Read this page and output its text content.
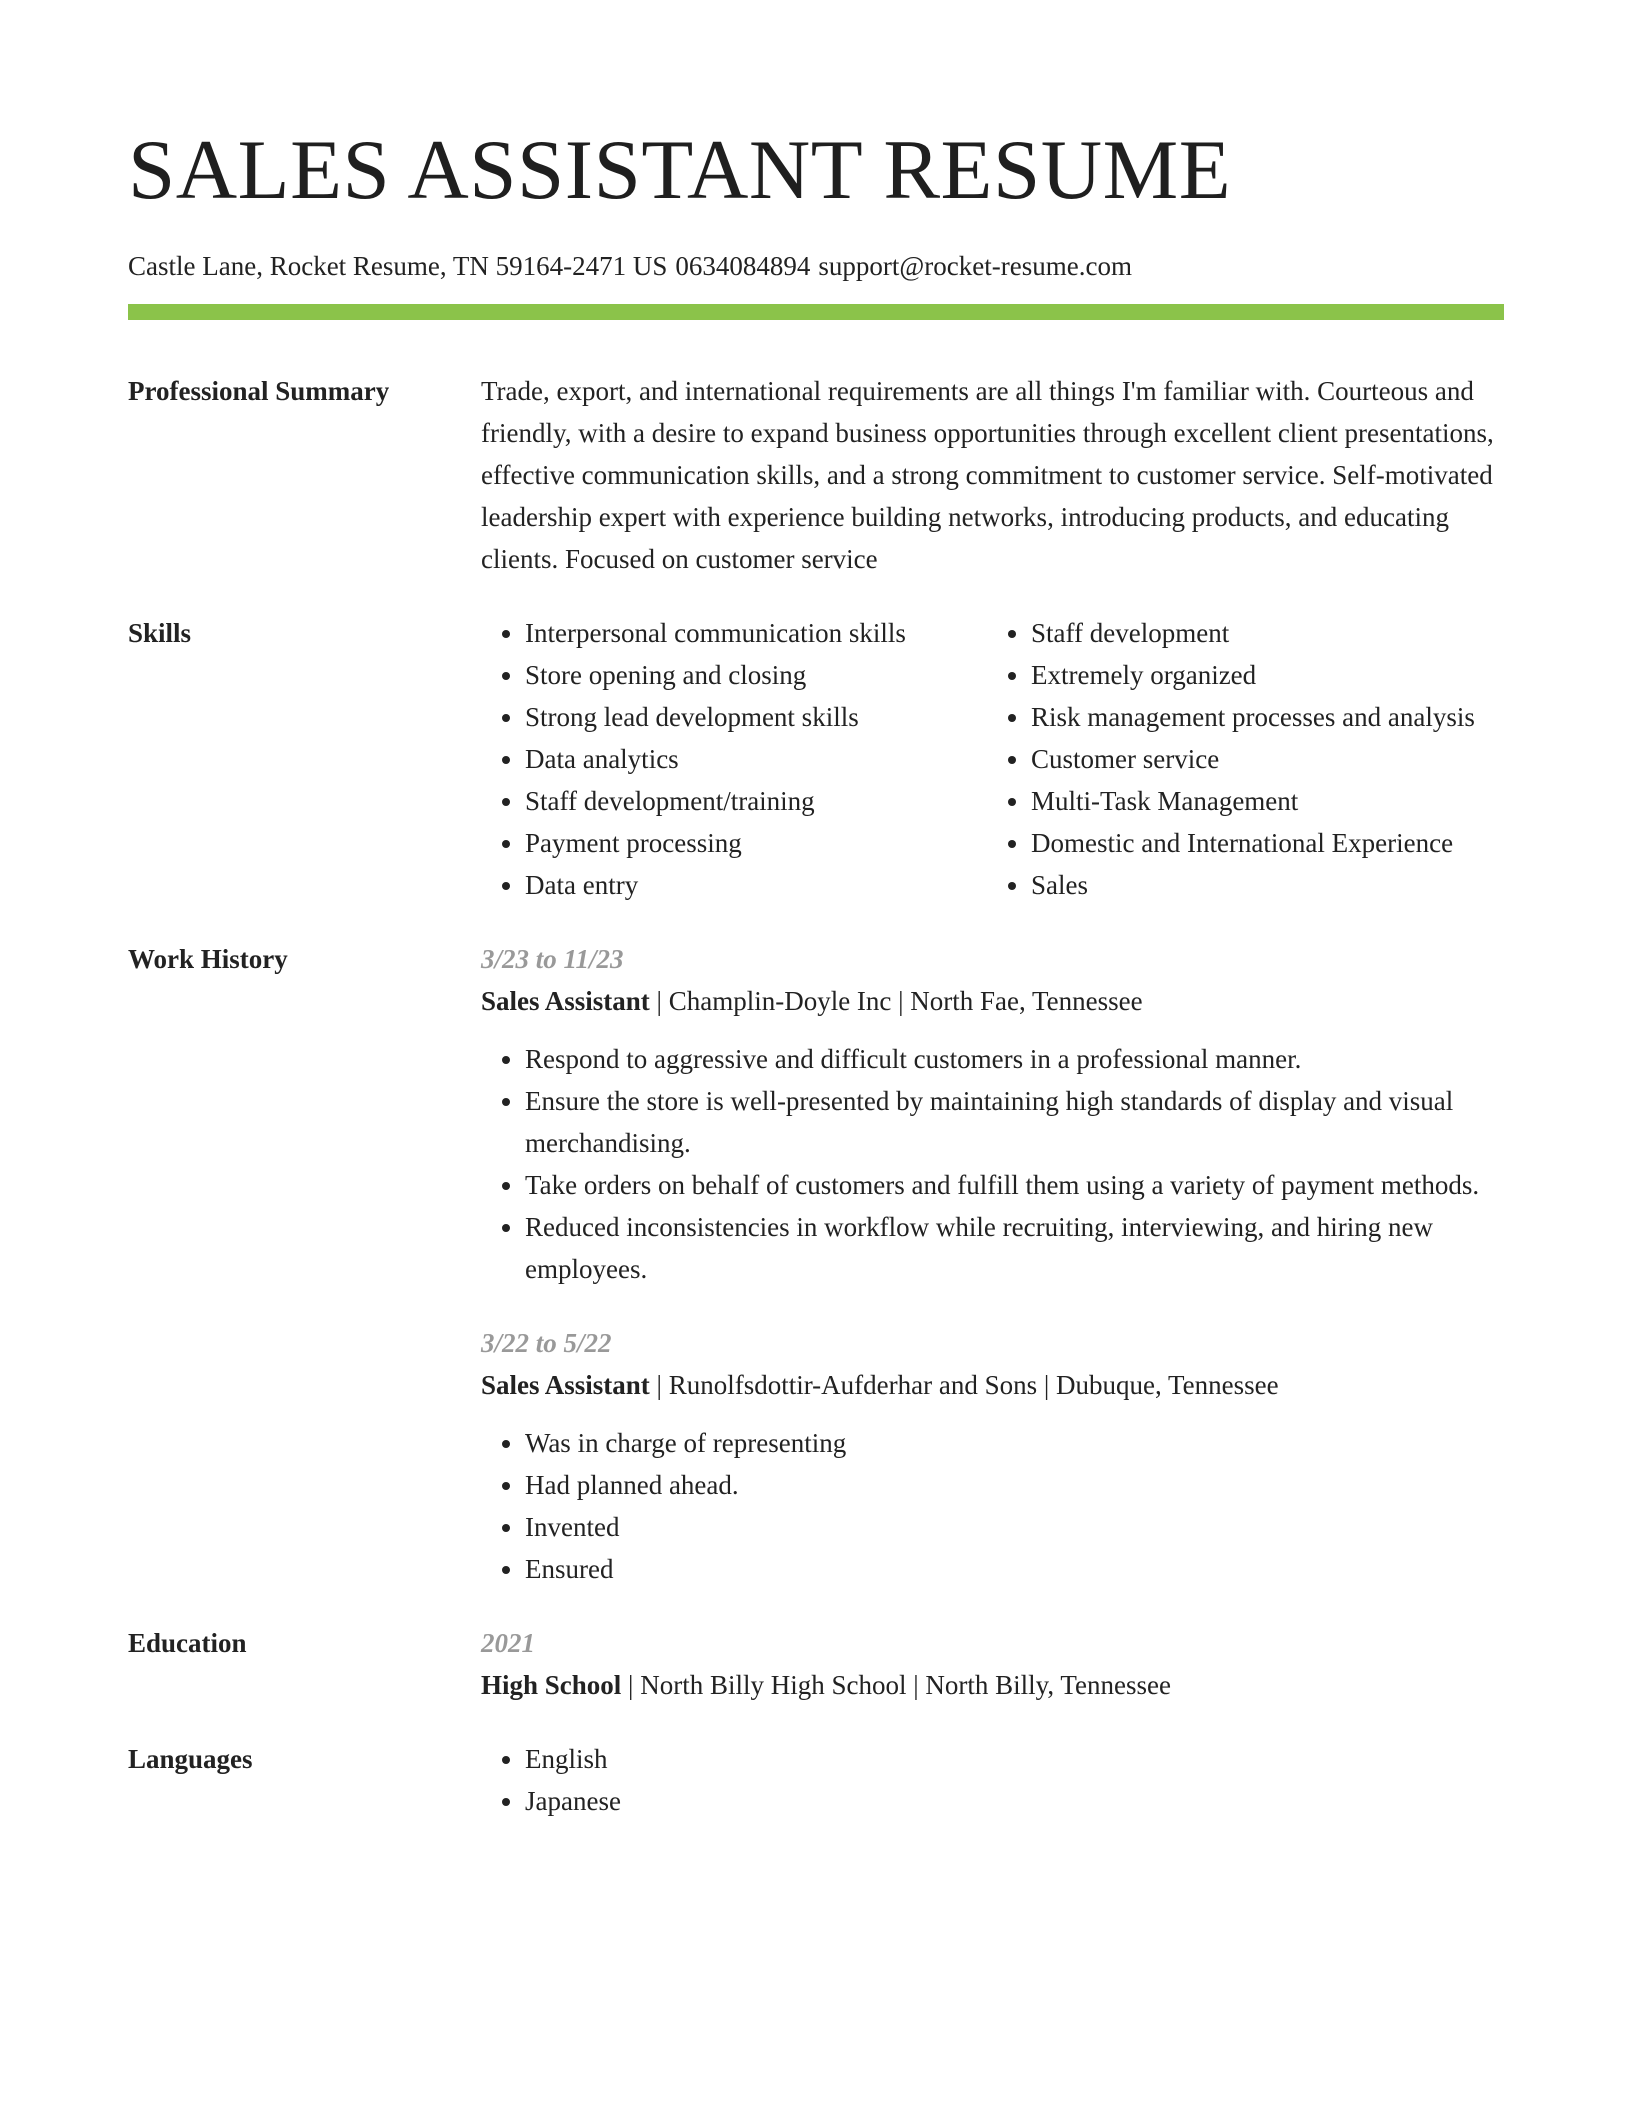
SALES ASSISTANT RESUME
Castle Lane, Rocket Resume, TN 59164-2471 US 0634084894 support@rocket-resume.com
Professional Summary	Trade, export, and international requirements are all things I'm familiar with. Courteous and friendly, with a desire to expand business opportunities through excellent client presentations, effective communication skills, and a strong commitment to customer service. Self-motivated leadership expert with experience building networks, introducing products, and educating clients. Focused on customer service

Skills	• Interpersonal communication skills
• Store opening and closing
• Strong lead development skills
• Data analytics
• Staff development/training
• Payment processing
• Data entry
• Staff development
• Extremely organized
• Risk management processes and analysis
• Customer service
• Multi-Task Management
• Domestic and International Experience
• Sales
Work History	3/23 to 11/23
Sales Assistant | Champlin-Doyle Inc | North Fae, Tennessee
• Respond to aggressive and difficult customers in a professional manner.
• Ensure the store is well-presented by maintaining high standards of display and visual merchandising.
• Take orders on behalf of customers and fulfill them using a variety of payment methods.
• Reduced inconsistencies in workflow while recruiting, interviewing, and hiring new employees.
3/22 to 5/22
Sales Assistant | Runolfsdottir-Aufderhar and Sons | Dubuque, Tennessee
• Was in charge of representing
• Had planned ahead.
• Invented
• Ensured
Education	2021
High School | North Billy High School | North Billy, Tennessee
Languages	• English
• Japanese
